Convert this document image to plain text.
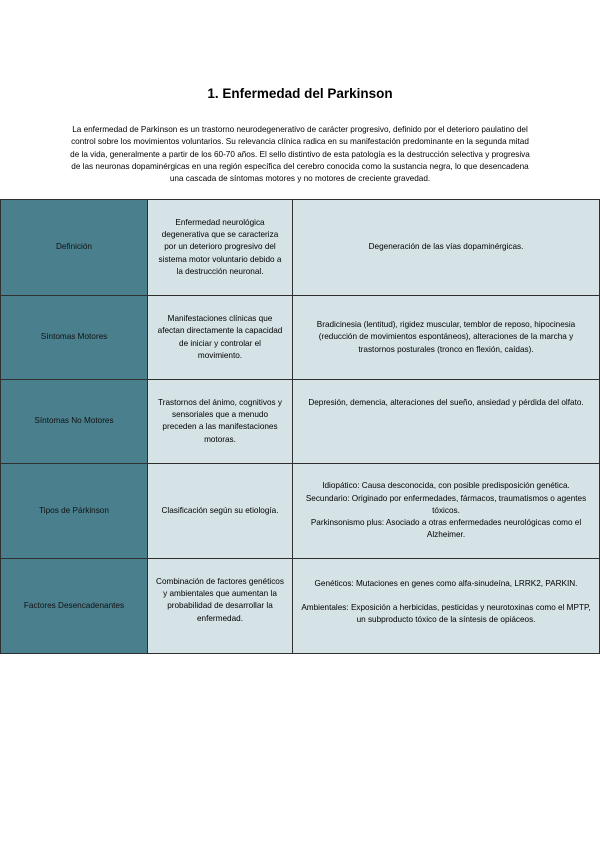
1. Enfermedad del Parkinson

La enfermedad de Parkinson es un trastorno neurodegenerativo de carácter progresivo, definido por el deterioro paulatino del control sobre los movimientos voluntarios. Su relevancia clínica radica en su manifestación predominante en la segunda mitad de la vida, generalmente a partir de los 60-70 años. El sello distintivo de esta patología es la destrucción selectiva y progresiva de las neuronas dopaminérgicas en una región específica del cerebro conocida como la sustancia negra, lo que desencadena una cascada de síntomas motores y no motores de creciente gravedad.

Definición	Enfermedad neurológica degenerativa que se caracteriza por un deterioro progresivo del sistema motor voluntario debido a la destrucción neuronal.	Degeneración de las vías dopaminérgicas.

Síntomas Motores	Manifestaciones clínicas que afectan directamente la capacidad de iniciar y controlar el movimiento.	Bradicinesia (lentitud), rigidez muscular, temblor de reposo, hipocinesia (reducción de movimientos espontáneos), alteraciones de la marcha y trastornos posturales (tronco en flexión, caídas).

Síntomas No Motores	Trastornos del ánimo, cognitivos y sensoriales que a menudo preceden a las manifestaciones motoras.	Depresión, demencia, alteraciones del sueño, ansiedad y pérdida del olfato.

Tipos de Párkinson	Clasificación según su etiología.	Idiopático: Causa desconocida, con posible predisposición genética.

Secundario: Originado por enfermedades, fármacos, traumatismos o agentes tóxicos.

Parkinsonismo plus: Asociado a otras enfermedades neurológicas como el Alzheimer.

Factores Desencadenantes	Combinación de factores genéticos y ambientales que aumentan la probabilidad de desarrollar la enfermedad.	Genéticos: Mutaciones en genes como alfa-sinudeína, LRRK2, PARKIN.

Ambientales: Exposición a herbicidas, pesticidas y neurotoxinas como el MPTP, un subproducto tóxico de la síntesis de opiáceos.
